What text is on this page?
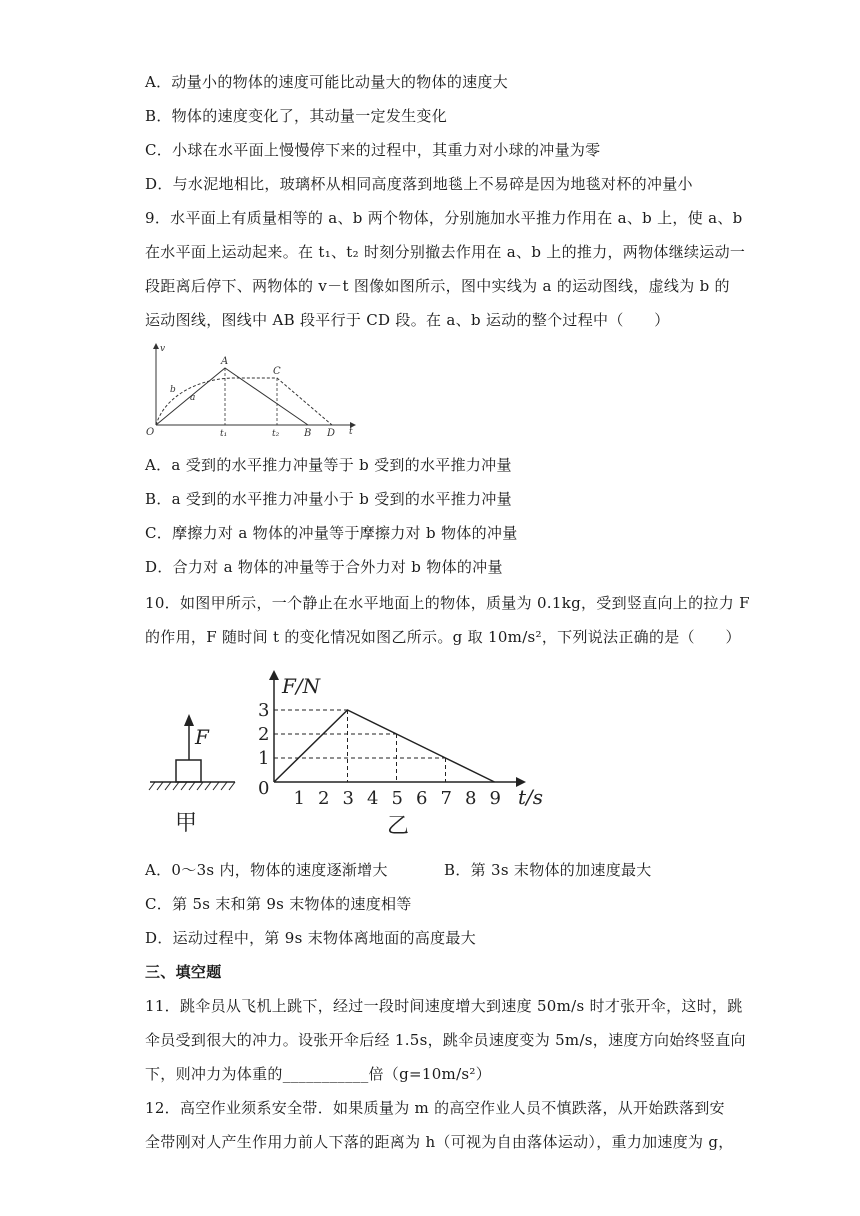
A．动量小的物体的速度可能比动量大的物体的速度大
B．物体的速度变化了，其动量一定发生变化
C．小球在水平面上慢慢停下来的过程中，其重力对小球的冲量为零
D．与水泥地相比，玻璃杯从相同高度落到地毯上不易碎是因为地毯对杯的冲量小
9．水平面上有质量相等的 a、b 两个物体，分别施加水平推力作用在 a、b 上，使 a、b
在水平面上运动起来。在 t₁、t₂ 时刻分别撤去作用在 a、b 上的推力，两物体继续运动一
段距离后停下、两物体的 v－t 图像如图所示，图中实线为 a 的运动图线，虚线为 b 的
运动图线，图线中 AB 段平行于 CD 段。在 a、b 运动的整个过程中（　　）
v
O
A
C
a
b
t₁	t₂ B D t
A．a 受到的水平推力冲量等于 b 受到的水平推力冲量
B．a 受到的水平推力冲量小于 b 受到的水平推力冲量
C．摩擦力对 a 物体的冲量等于摩擦力对 b 物体的冲量
D．合力对 a 物体的冲量等于合外力对 b 物体的冲量
10．如图甲所示，一个静止在水平地面上的物体，质量为 0.1kg，受到竖直向上的拉力 F
的作用，F 随时间 t 的变化情况如图乙所示。g 取 10m/s²，下列说法正确的是（　　）
F
甲
F/N
t/s
0
乙
1
2
3
1 2 3 4 5 6 7 8 9
A．0～3s 内，物体的速度逐渐增大	B．第 3s 末物体的加速度最大
C．第 5s 末和第 9s 末物体的速度相等
D．运动过程中，第 9s 末物体离地面的高度最大
三、填空题
11．跳伞员从飞机上跳下，经过一段时间速度增大到速度 50m/s 时才张开伞，这时，跳
伞员受到很大的冲力。设张开伞后经 1.5s，跳伞员速度变为 5m/s，速度方向始终竖直向
下，则冲力为体重的___________倍（g=10m/s²）
12．高空作业须系安全带．如果质量为 m 的高空作业人员不慎跌落，从开始跌落到安
全带刚对人产生作用力前人下落的距离为 h（可视为自由落体运动），重力加速度为 g，
